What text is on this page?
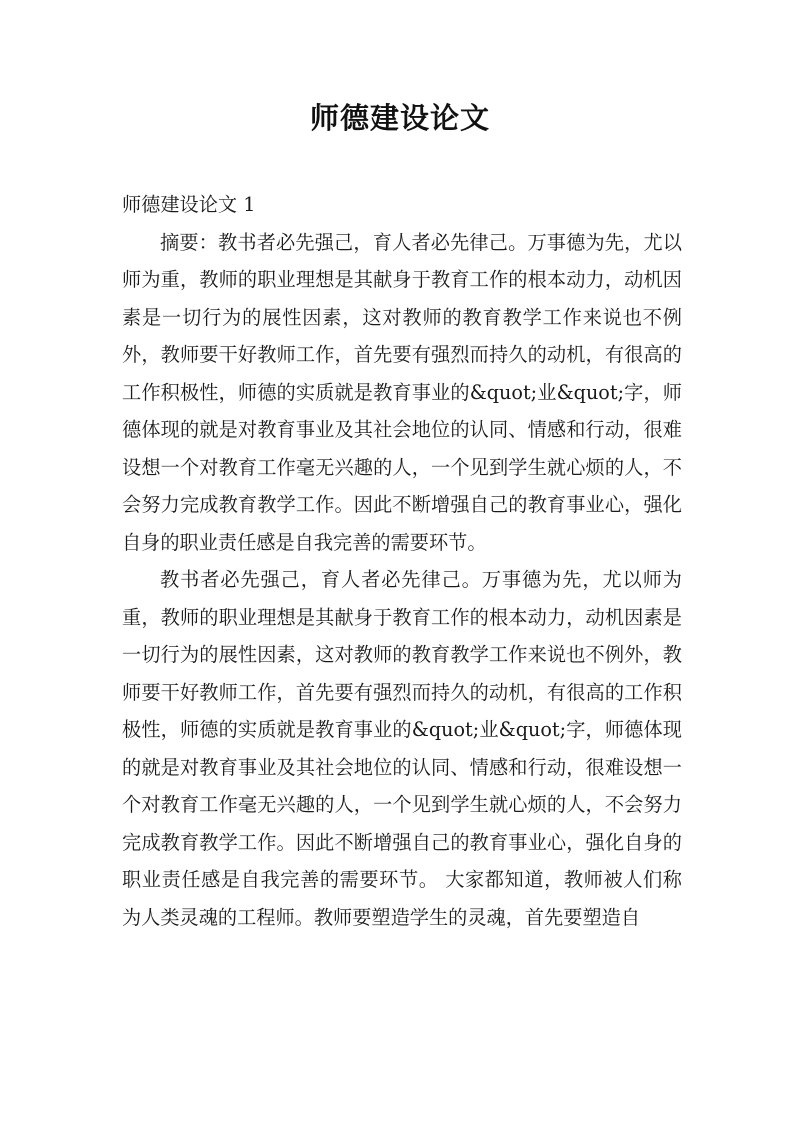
师德建设论文

师德建设论文 1

摘要：教书者必先强己，育人者必先律己。万事德为先，尤以师为重，教师的职业理想是其献身于教育工作的根本动力，动机因素是一切行为的展性因素，这对教师的教育教学工作来说也不例外，教师要干好教师工作，首先要有强烈而持久的动机，有很高的工作积极性，师德的实质就是教育事业的&quot;业&quot;字，师德体现的就是对教育事业及其社会地位的认同、情感和行动，很难设想一个对教育工作毫无兴趣的人，一个见到学生就心烦的人，不会努力完成教育教学工作。因此不断增强自己的教育事业心，强化自身的职业责任感是自我完善的需要环节。

教书者必先强己，育人者必先律己。万事德为先，尤以师为重，教师的职业理想是其献身于教育工作的根本动力，动机因素是一切行为的展性因素，这对教师的教育教学工作来说也不例外，教师要干好教师工作，首先要有强烈而持久的动机，有很高的工作积极性，师德的实质就是教育事业的&quot;业&quot;字，师德体现的就是对教育事业及其社会地位的认同、情感和行动，很难设想一个对教育工作毫无兴趣的人，一个见到学生就心烦的人，不会努力完成教育教学工作。因此不断增强自己的教育事业心，强化自身的职业责任感是自我完善的需要环节。 大家都知道，教师被人们称为人类灵魂的工程师。教师要塑造学生的灵魂，首先要塑造自
